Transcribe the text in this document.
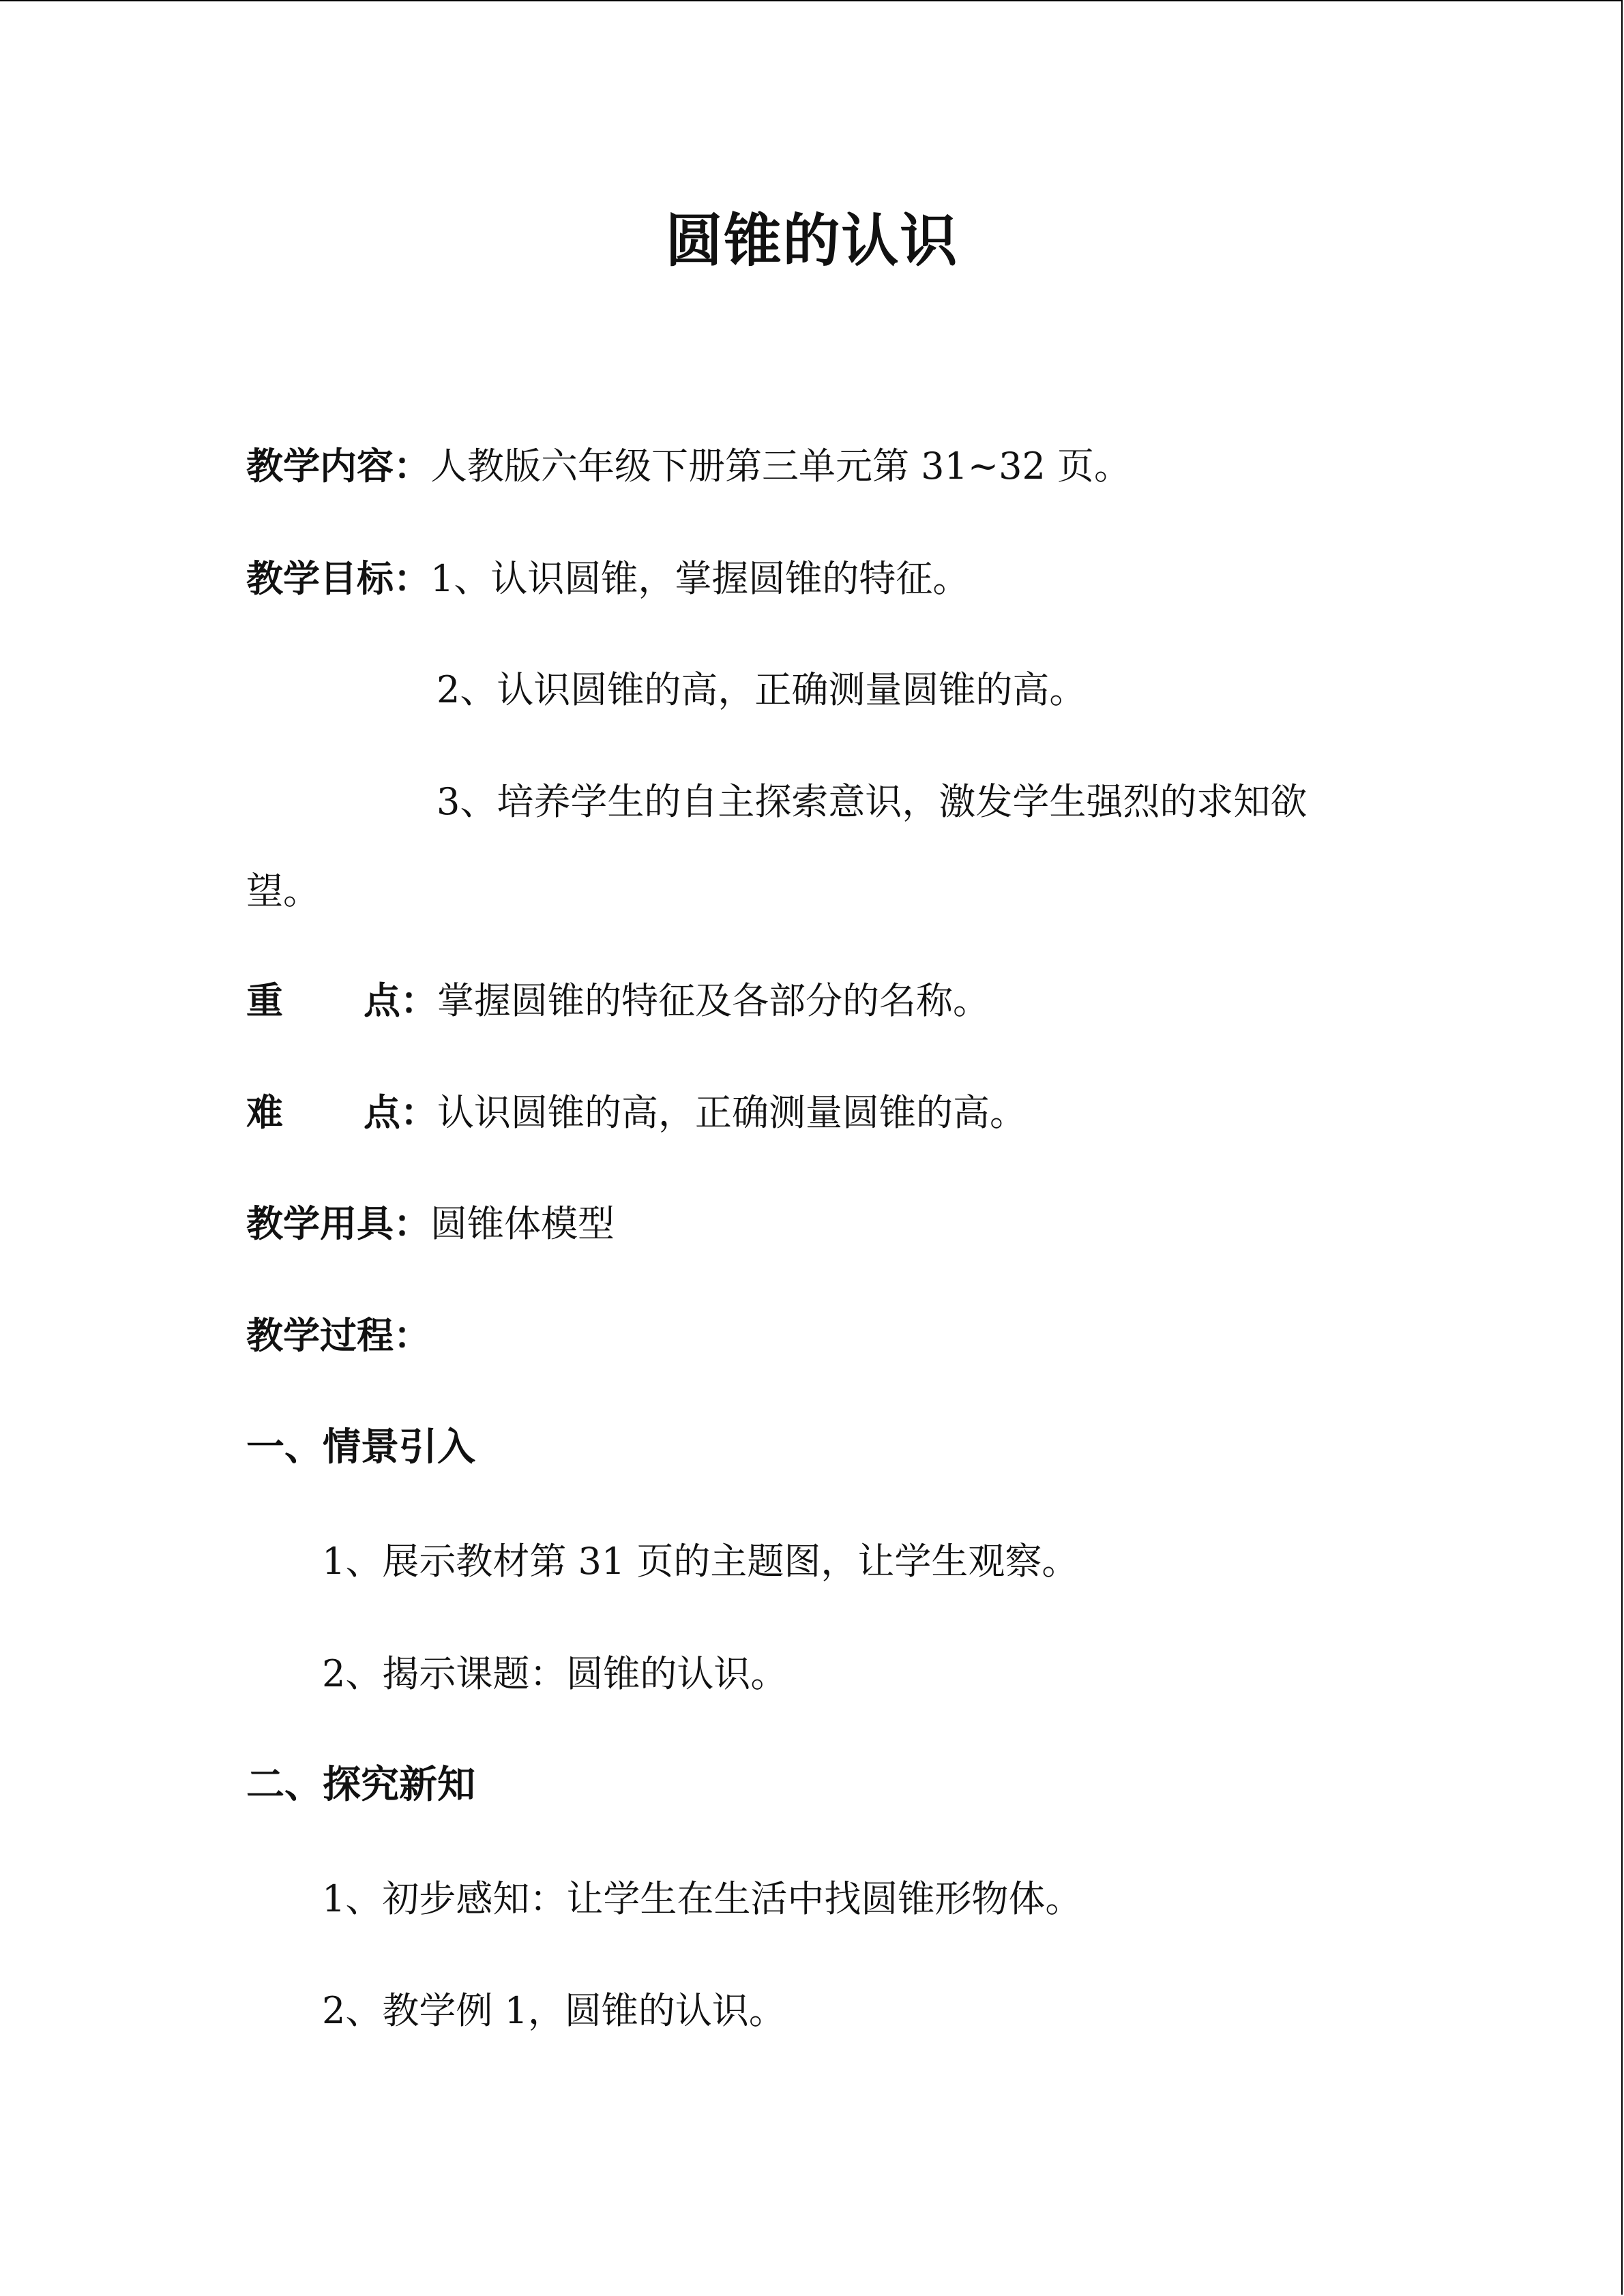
圆锥的认识

教学内容：人教版六年级下册第三单元第 31~32 页。

教学目标：1、认识圆锥，掌握圆锥的特征。

2、认识圆锥的高，正确测量圆锥的高。

3、培养学生的自主探索意识，激发学生强烈的求知欲

望。

重 点： 掌握圆锥的特征及各部分的名称。

难 点： 认识圆锥的高，正确测量圆锥的高。

教学用具：圆锥体模型

教学过程：

一、情景引入

1、展示教材第 31 页的主题图，让学生观察。

2、揭示课题：圆锥的认识。

二、探究新知

1、初步感知：让学生在生活中找圆锥形物体。

2、教学例 1，圆锥的认识。
